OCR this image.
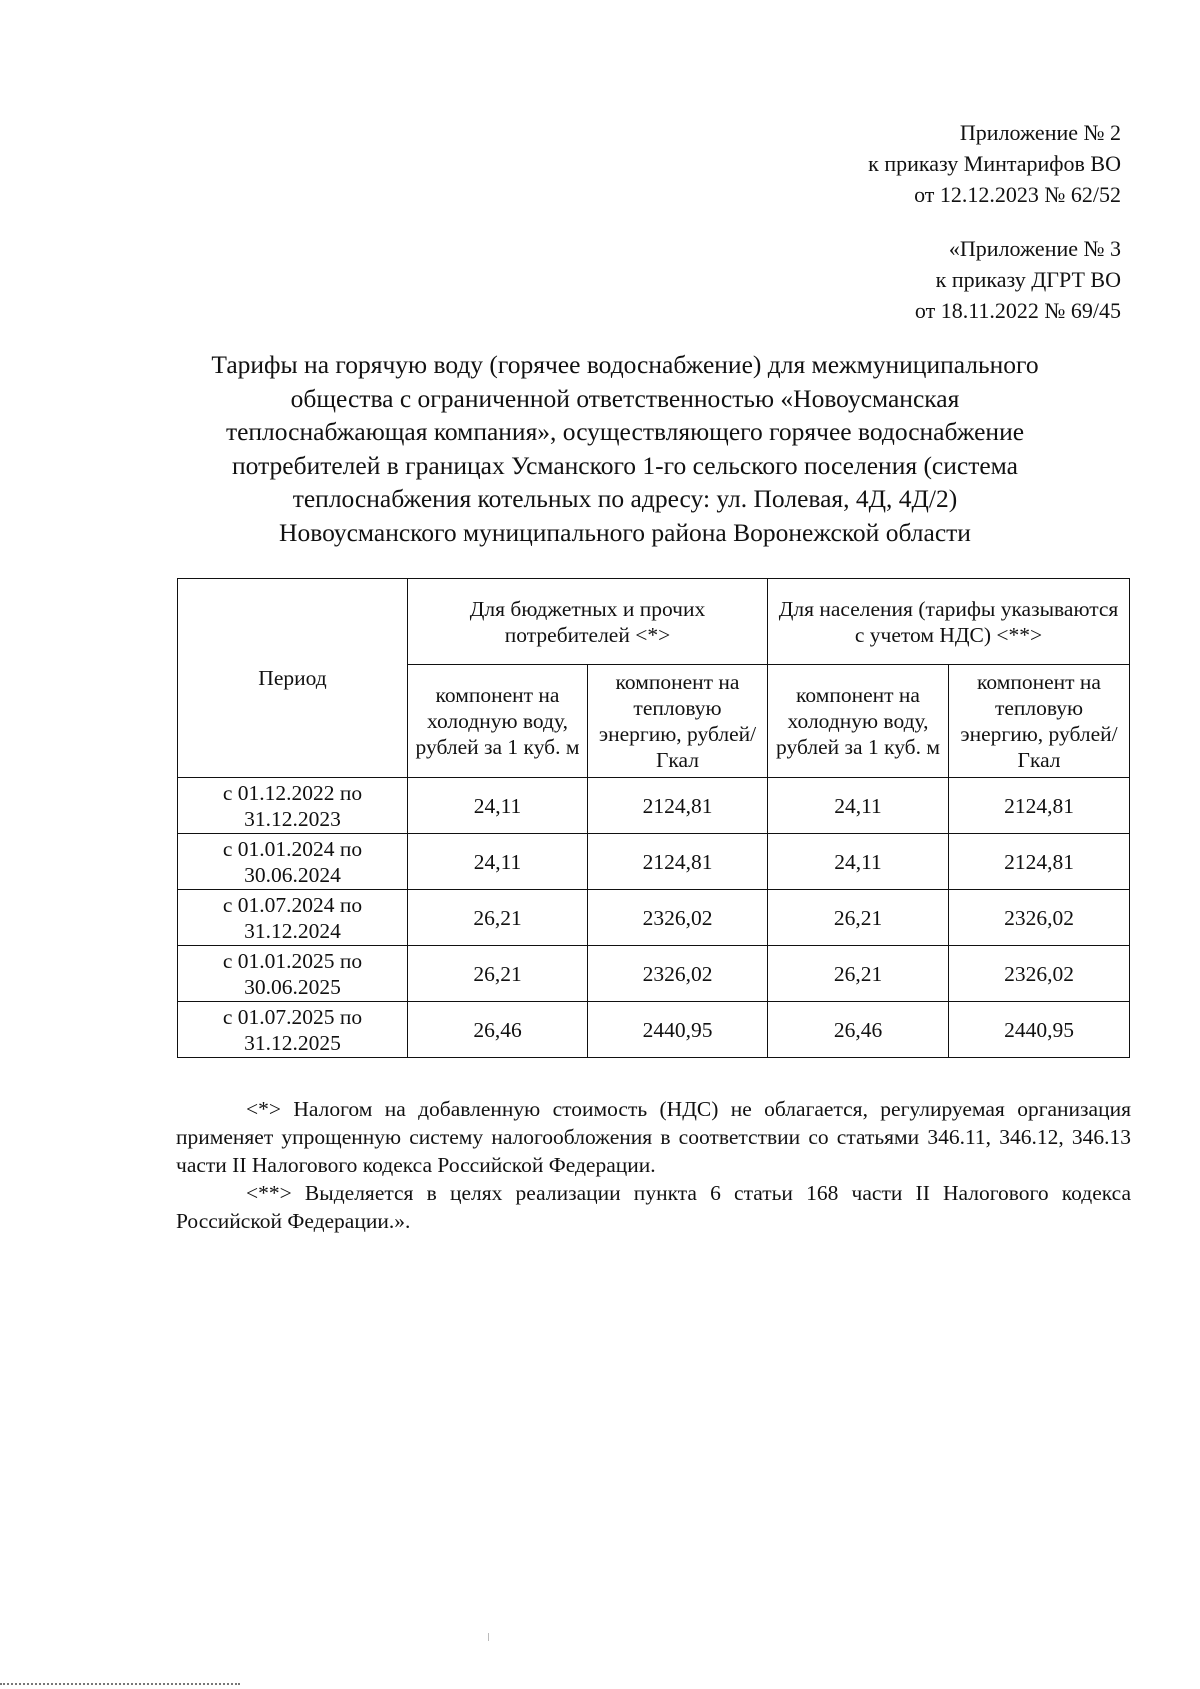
Приложение № 2
к приказу Минтарифов ВО
от 12.12.2023 № 62/52
«Приложение № 3
к приказу ДГРТ ВО
от 18.11.2022 № 69/45
Тарифы на горячую воду (горячее водоснабжение) для межмуниципального
общества с ограниченной ответственностью «Новоусманская
теплоснабжающая компания», осуществляющего горячее водоснабжение
потребителей в границах Усманского 1-го сельского поселения (система
теплоснабжения котельных по адресу: ул. Полевая, 4Д, 4Д/2)
Новоусманского муниципального района Воронежской области
Период	Для бюджетных и прочих потребителей <*>		Для населения (тарифы указываются с учетом НДС) <**>	
	компонент на холодную воду, рублей за 1 куб. м	компонент на тепловую энергию, рублей/Гкал	компонент на холодную воду, рублей за 1 куб. м	компонент на тепловую энергию, рублей/Гкал
с 01.12.2022 по 31.12.2023	24,11	2124,81	24,11	2124,81
с 01.01.2024 по 30.06.2024	24,11	2124,81	24,11	2124,81
с 01.07.2024 по 31.12.2024	26,21	2326,02	26,21	2326,02
с 01.01.2025 по 30.06.2025	26,21	2326,02	26,21	2326,02
с 01.07.2025 по 31.12.2025	26,46	2440,95	26,46	2440,95

<*> Налогом на добавленную стоимость (НДС) не облагается, регулируемая организация применяет упрощенную систему налогообложения в соответствии со статьями 346.11, 346.12, 346.13 части II Налогового кодекса Российской Федерации.

<**> Выделяется в целях реализации пункта 6 статьи 168 части II Налогового кодекса Российской Федерации.».
